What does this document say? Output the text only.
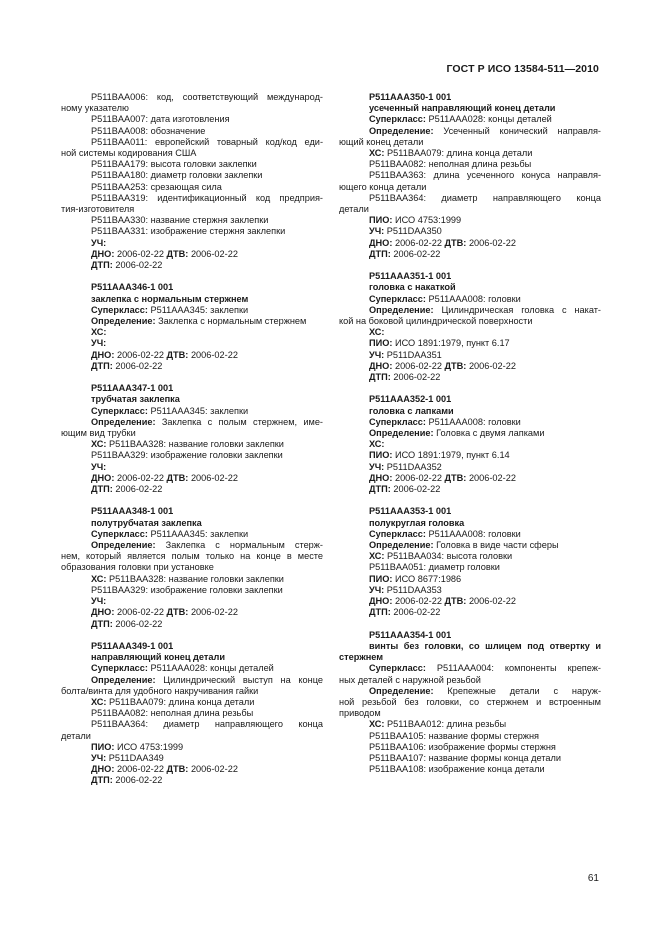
ГОСТ Р ИСО 13584-511—2010
P511BAA006: код, соответствующий международ-
ному указателю
P511BAA007: дата изготовления
P511BAA008: обозначение
P511BAA011: европейский товарный код/код еди-
ной системы кодирования США
P511BAA179: высота головки заклепки
P511BAA180: диаметр головки заклепки
P511BAA253: срезающая сила
P511BAA319: идентификационный код предприя-
тия-изготовителя
P511BAA330: название стержня заклепки
P511BAA331: изображение стержня заклепки
УЧ:
ДНО: 2006-02-22 ДТВ: 2006-02-22
ДТП: 2006-02-22
P511AAA346-1 001
заклепка с нормальным стержнем
Суперкласс: P511AAA345: заклепки
Определение: Заклепка с нормальным стержнем
ХС:
УЧ:
ДНО: 2006-02-22 ДТВ: 2006-02-22
ДТП: 2006-02-22
P511AAA347-1 001
трубчатая заклепка
Суперкласс: P511AAA345: заклепки
Определение: Заклепка с полым стержнем, име-
ющим вид трубки
ХС: P511BAA328: название головки заклепки
P511BAA329: изображение головки заклепки
УЧ:
ДНО: 2006-02-22 ДТВ: 2006-02-22
ДТП: 2006-02-22
P511AAA348-1 001
полутрубчатая заклепка
Суперкласс: P511AAA345: заклепки
Определение: Заклепка с нормальным стерж-
нем, который является полым только на конце в месте
образования головки при установке
ХС: P511BAA328: название головки заклепки
P511BAA329: изображение головки заклепки
УЧ:
ДНО: 2006-02-22 ДТВ: 2006-02-22
ДТП: 2006-02-22
P511AAA349-1 001
направляющий конец детали
Суперкласс: P511AAA028: концы деталей
Определение: Цилиндрический выступ на конце
болта/винта для удобного накручивания гайки
ХС: P511BAA079: длина конца детали
P511BAA082: неполная длина резьбы
P511BAA364: диаметр направляющего конца
детали
ПИО: ИСО 4753:1999
УЧ: P511DAA349
ДНО: 2006-02-22 ДТВ: 2006-02-22
ДТП: 2006-02-22
P511AAA350-1 001
усеченный направляющий конец детали
Суперкласс: P511AAA028: концы деталей
Определение: Усеченный конический направля-
ющий конец детали
ХС: P511BAA079: длина конца детали
P511BAA082: неполная длина резьбы
P511BAA363: длина усеченного конуса направля-
ющего конца детали
P511BAA364: диаметр направляющего конца
детали
ПИО: ИСО 4753:1999
УЧ: P511DAA350
ДНО: 2006-02-22 ДТВ: 2006-02-22
ДТП: 2006-02-22
P511AAA351-1 001
головка с накаткой
Суперкласс: P511AAA008: головки
Определение: Цилиндрическая головка с накат-
кой на боковой цилиндрической поверхности
ХС:
ПИО: ИСО 1891:1979, пункт 6.17
УЧ: P511DAA351
ДНО: 2006-02-22 ДТВ: 2006-02-22
ДТП: 2006-02-22
P511AAA352-1 001
головка с лапками
Суперкласс: P511AAA008: головки
Определение: Головка с двумя лапками
ХС:
ПИО: ИСО 1891:1979, пункт 6.14
УЧ: P511DAA352
ДНО: 2006-02-22 ДТВ: 2006-02-22
ДТП: 2006-02-22
P511AAA353-1 001
полукруглая головка
Суперкласс: P511AAA008: головки
Определение: Головка в виде части сферы
ХС: P511BAA034: высота головки
P511BAA051: диаметр головки
ПИО: ИСО 8677:1986
УЧ: P511DAA353
ДНО: 2006-02-22 ДТВ: 2006-02-22
ДТП: 2006-02-22
P511AAA354-1 001
винты без головки, со шлицем под отвертку и
стержнем
Суперкласс: P511AAA004: компоненты крепеж-
ных деталей с наружной резьбой
Определение: Крепежные детали с наруж-
ной резьбой без головки, со стержнем и встроенным
приводом
ХС: P511BAA012: длина резьбы
P511BAA105: название формы стержня
P511BAA106: изображение формы стержня
P511BAA107: название формы конца детали
P511BAA108: изображение конца детали
61
